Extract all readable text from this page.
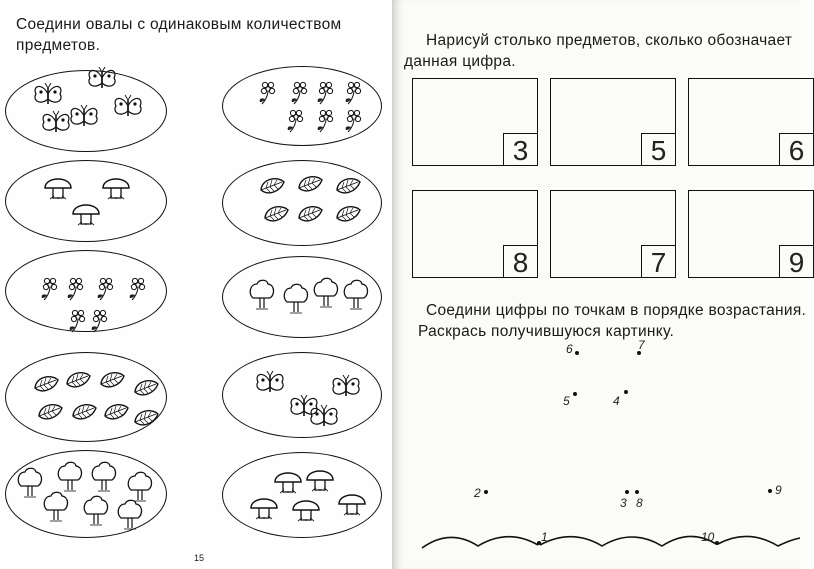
Соедини овалы с одинаковым количеством
предметов.

15

Нарисуй столько предметов, сколько обозначает
данная цифра.

3	5	6
8	7	9

Соедини цифры по точкам в порядке возрастания.
Раскрась получившуюся картинку.

6	7
5	4
2
3 8
9
1	10
